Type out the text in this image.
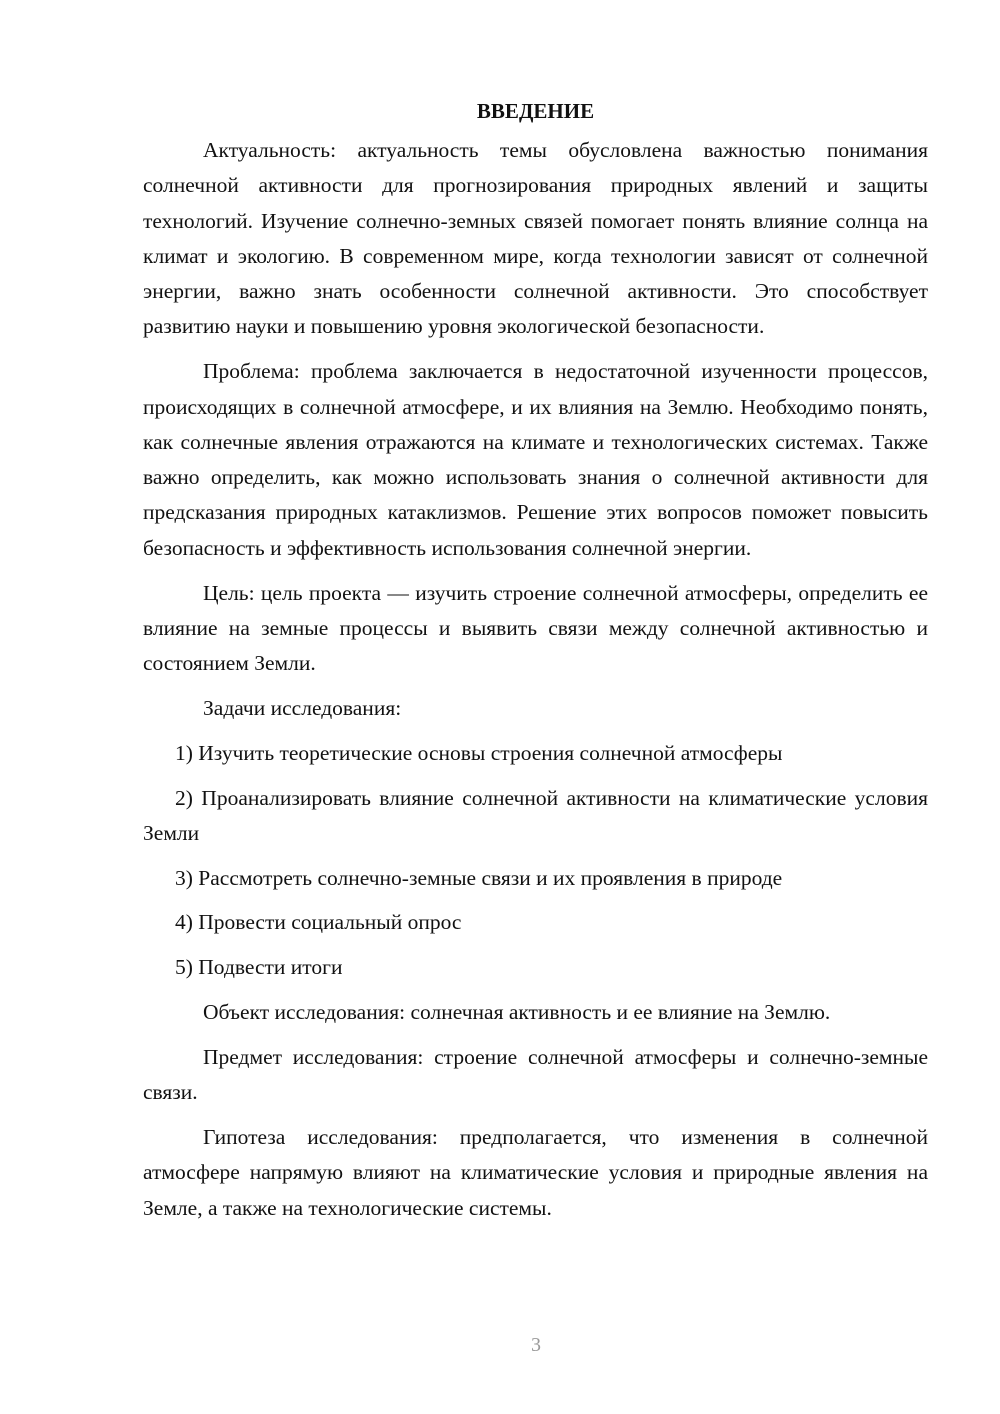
ВВЕДЕНИЕ

Актуальность: актуальность темы обусловлена важностью понимания солнечной активности для прогнозирования природных явлений и защиты технологий. Изучение солнечно-земных связей помогает понять влияние солнца на климат и экологию. В современном мире, когда технологии зависят от солнечной энергии, важно знать особенности солнечной активности. Это способствует развитию науки и повышению уровня экологической безопасности.

Проблема: проблема заключается в недостаточной изученности процессов, происходящих в солнечной атмосфере, и их влияния на Землю. Необходимо понять, как солнечные явления отражаются на климате и технологических системах. Также важно определить, как можно использовать знания о солнечной активности для предсказания природных катаклизмов. Решение этих вопросов поможет повысить безопасность и эффективность использования солнечной энергии.

Цель: цель проекта — изучить строение солнечной атмосферы, определить ее влияние на земные процессы и выявить связи между солнечной активностью и состоянием Земли.

Задачи исследования:

1) Изучить теоретические основы строения солнечной атмосферы

2) Проанализировать влияние солнечной активности на климатические условия Земли

3) Рассмотреть солнечно-земные связи и их проявления в природе

4) Провести социальный опрос

5) Подвести итоги

Объект исследования: солнечная активность и ее влияние на Землю.

Предмет исследования: строение солнечной атмосферы и солнечно-земные связи.

Гипотеза исследования: предполагается, что изменения в солнечной атмосфере напрямую влияют на климатические условия и природные явления на Земле, а также на технологические системы.

3
